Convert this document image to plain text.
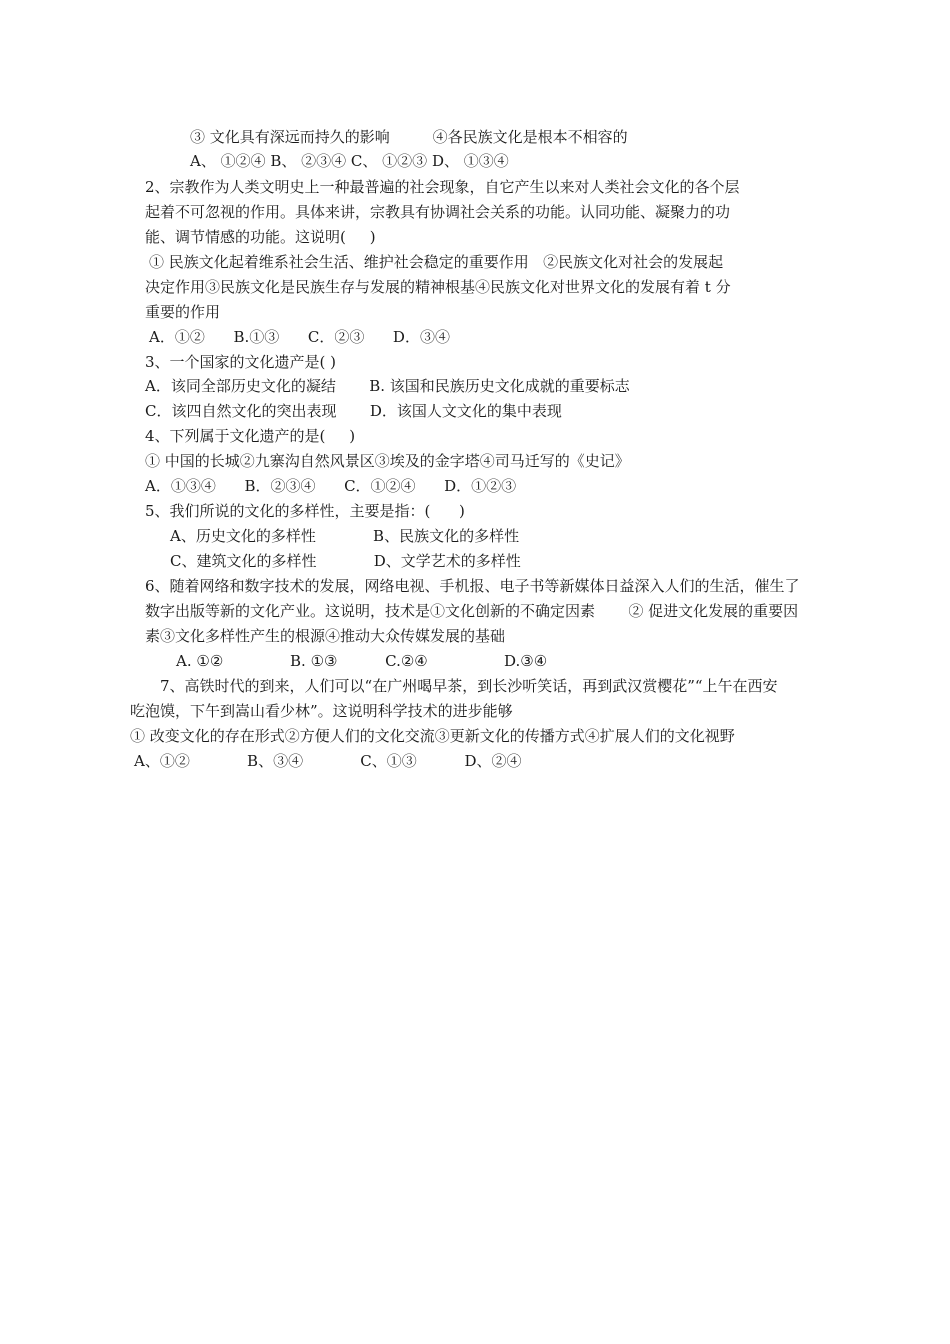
③ 文化具有深远而持久的影响         ④各民族文化是根本不相容的
A、 ①②④ B、 ②③④ C、 ①②③ D、 ①③④
2、宗教作为人类文明史上一种最普遍的社会现象，自它产生以来对人类社会文化的各个层
起着不可忽视的作用。具体来讲，宗教具有协调社会关系的功能。认同功能、凝聚力的功
能、调节情感的功能。这说明(     )
① 民族文化起着维系社会生活、维护社会稳定的重要作用   ②民族文化对社会的发展起
决定作用③民族文化是民族生存与发展的精神根基④民族文化对世界文化的发展有着 t 分
重要的作用
A．①②      B.①③      C．②③      D．③④
3、一个国家的文化遗产是( )
A．该同全部历史文化的凝结       B. 该国和民族历史文化成就的重要标志
C．该四自然文化的突出表现       D．该国人文文化的集中表现
4、下列属于文化遗产的是(     )
① 中国的长城②九寨沟自然风景区③埃及的金字塔④司马迁写的《史记》
A．①③④      B．②③④      C．①②④      D．①②③
5、我们所说的文化的多样性，主要是指：(      )
A、历史文化的多样性            B、民族文化的多样性
C、建筑文化的多样性            D、文学艺术的多样性
6、随着网络和数字技术的发展，网络电视、手机报、电子书等新媒体日益深入人们的生活，催生了
数字出版等新的文化产业。这说明，技术是①文化创新的不确定因素       ② 促进文化发展的重要因
素③文化多样性产生的根源④推动大众传媒发展的基础
A. ①②              B. ①③          C.②④                D.③④
7、高铁时代的到来，人们可以“在广州喝早茶，到长沙听笑话，再到武汉赏樱花”“上午在西安
吃泡馍，下午到嵩山看少林”。这说明科学技术的进步能够
① 改变文化的存在形式②方便人们的文化交流③更新文化的传播方式④扩展人们的文化视野
A、①②            B、③④            C、①③          D、②④
